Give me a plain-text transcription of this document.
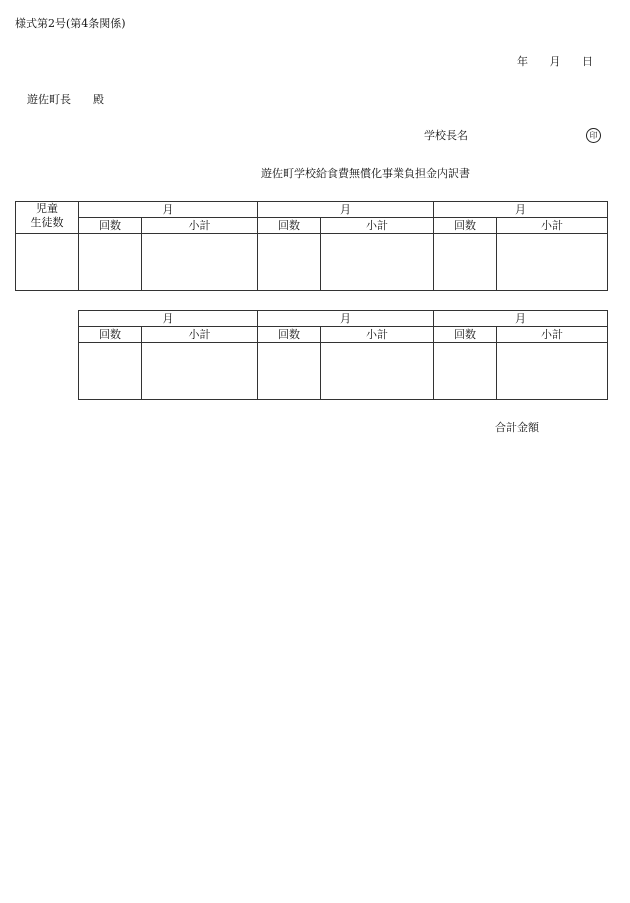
様式第2号(第4条関係)
年 月 日
遊佐町長 殿
学校長名	印
遊佐町学校給食費無償化事業負担金内訳書
児童
生徒数	月		月		月	
	回数	小計	回数	小計	回数	小計

月		月		月	
回数	小計	回数	小計	回数	小計

合計金額
